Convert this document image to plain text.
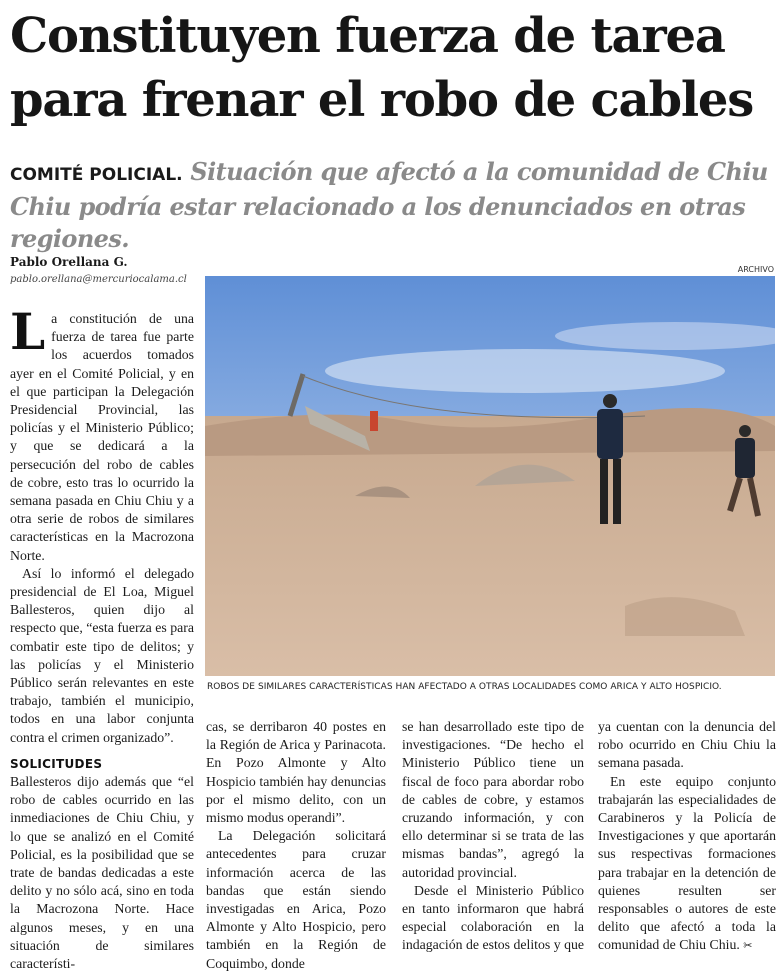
Constituyen fuerza de tarea
para frenar el robo de cables

COMITÉ POLICIAL. Situación que afectó a la comunidad de Chiu Chiu podría estar relacionado a los denunciados en otras regiones.

Pablo Orellana G.
pablo.orellana@mercuriocalama.cl
ARCHIVO
ROBOS DE SIMILARES CARACTERÍSTICAS HAN AFECTADO A OTRAS LOCALIDADES COMO ARICA Y ALTO HOSPICIO.

La constitución de una fuerza de tarea fue parte los acuerdos tomados ayer en el Comité Policial, y en el que participan la Delegación Presidencial Provincial, las policías y el Ministerio Público; y que se dedicará a la persecución del robo de cables de cobre, esto tras lo ocurrido la semana pasada en Chiu Chiu y a otra serie de robos de similares características en la Macrozona Norte.

Así lo informó el delegado presidencial de El Loa, Miguel Ballesteros, quien dijo al respecto que, “esta fuerza es para combatir este tipo de delitos; y las policías y el Ministerio Público serán relevantes en este trabajo, también el municipio, todos en una labor conjunta contra el crimen organizado”.

SOLICITUDES

Ballesteros dijo además que “el robo de cables ocurrido en las inmediaciones de Chiu Chiu, y lo que se analizó en el Comité Policial, es la posibilidad que se trate de bandas dedicadas a este delito y no sólo acá, sino en toda la Macrozona Norte. Hace algunos meses, y en una situación de similares característi-

cas, se derribaron 40 postes en la Región de Arica y Parinacota. En Pozo Almonte y Alto Hospicio también hay denuncias por el mismo delito, con un mismo modus operandi”.

La Delegación solicitará antecedentes para cruzar información acerca de las bandas que están siendo investigadas en Arica, Pozo Almonte y Alto Hospicio, pero también en la Región de Coquimbo, donde

se han desarrollado este tipo de investigaciones. “De hecho el Ministerio Público tiene un fiscal de foco para abordar robo de cables de cobre, y estamos cruzando información, y con ello determinar si se trata de las mismas bandas”, agregó la autoridad provincial.

Desde el Ministerio Público en tanto informaron que habrá especial colaboración en la indagación de estos delitos y que

ya cuentan con la denuncia del robo ocurrido en Chiu Chiu la semana pasada.

En este equipo conjunto trabajarán las especialidades de Carabineros y la Policía de Investigaciones y que aportarán sus respectivas formaciones para trabajar en la detención de quienes resulten ser responsables o autores de este delito que afectó a toda la comunidad de Chiu Chiu. ✂
